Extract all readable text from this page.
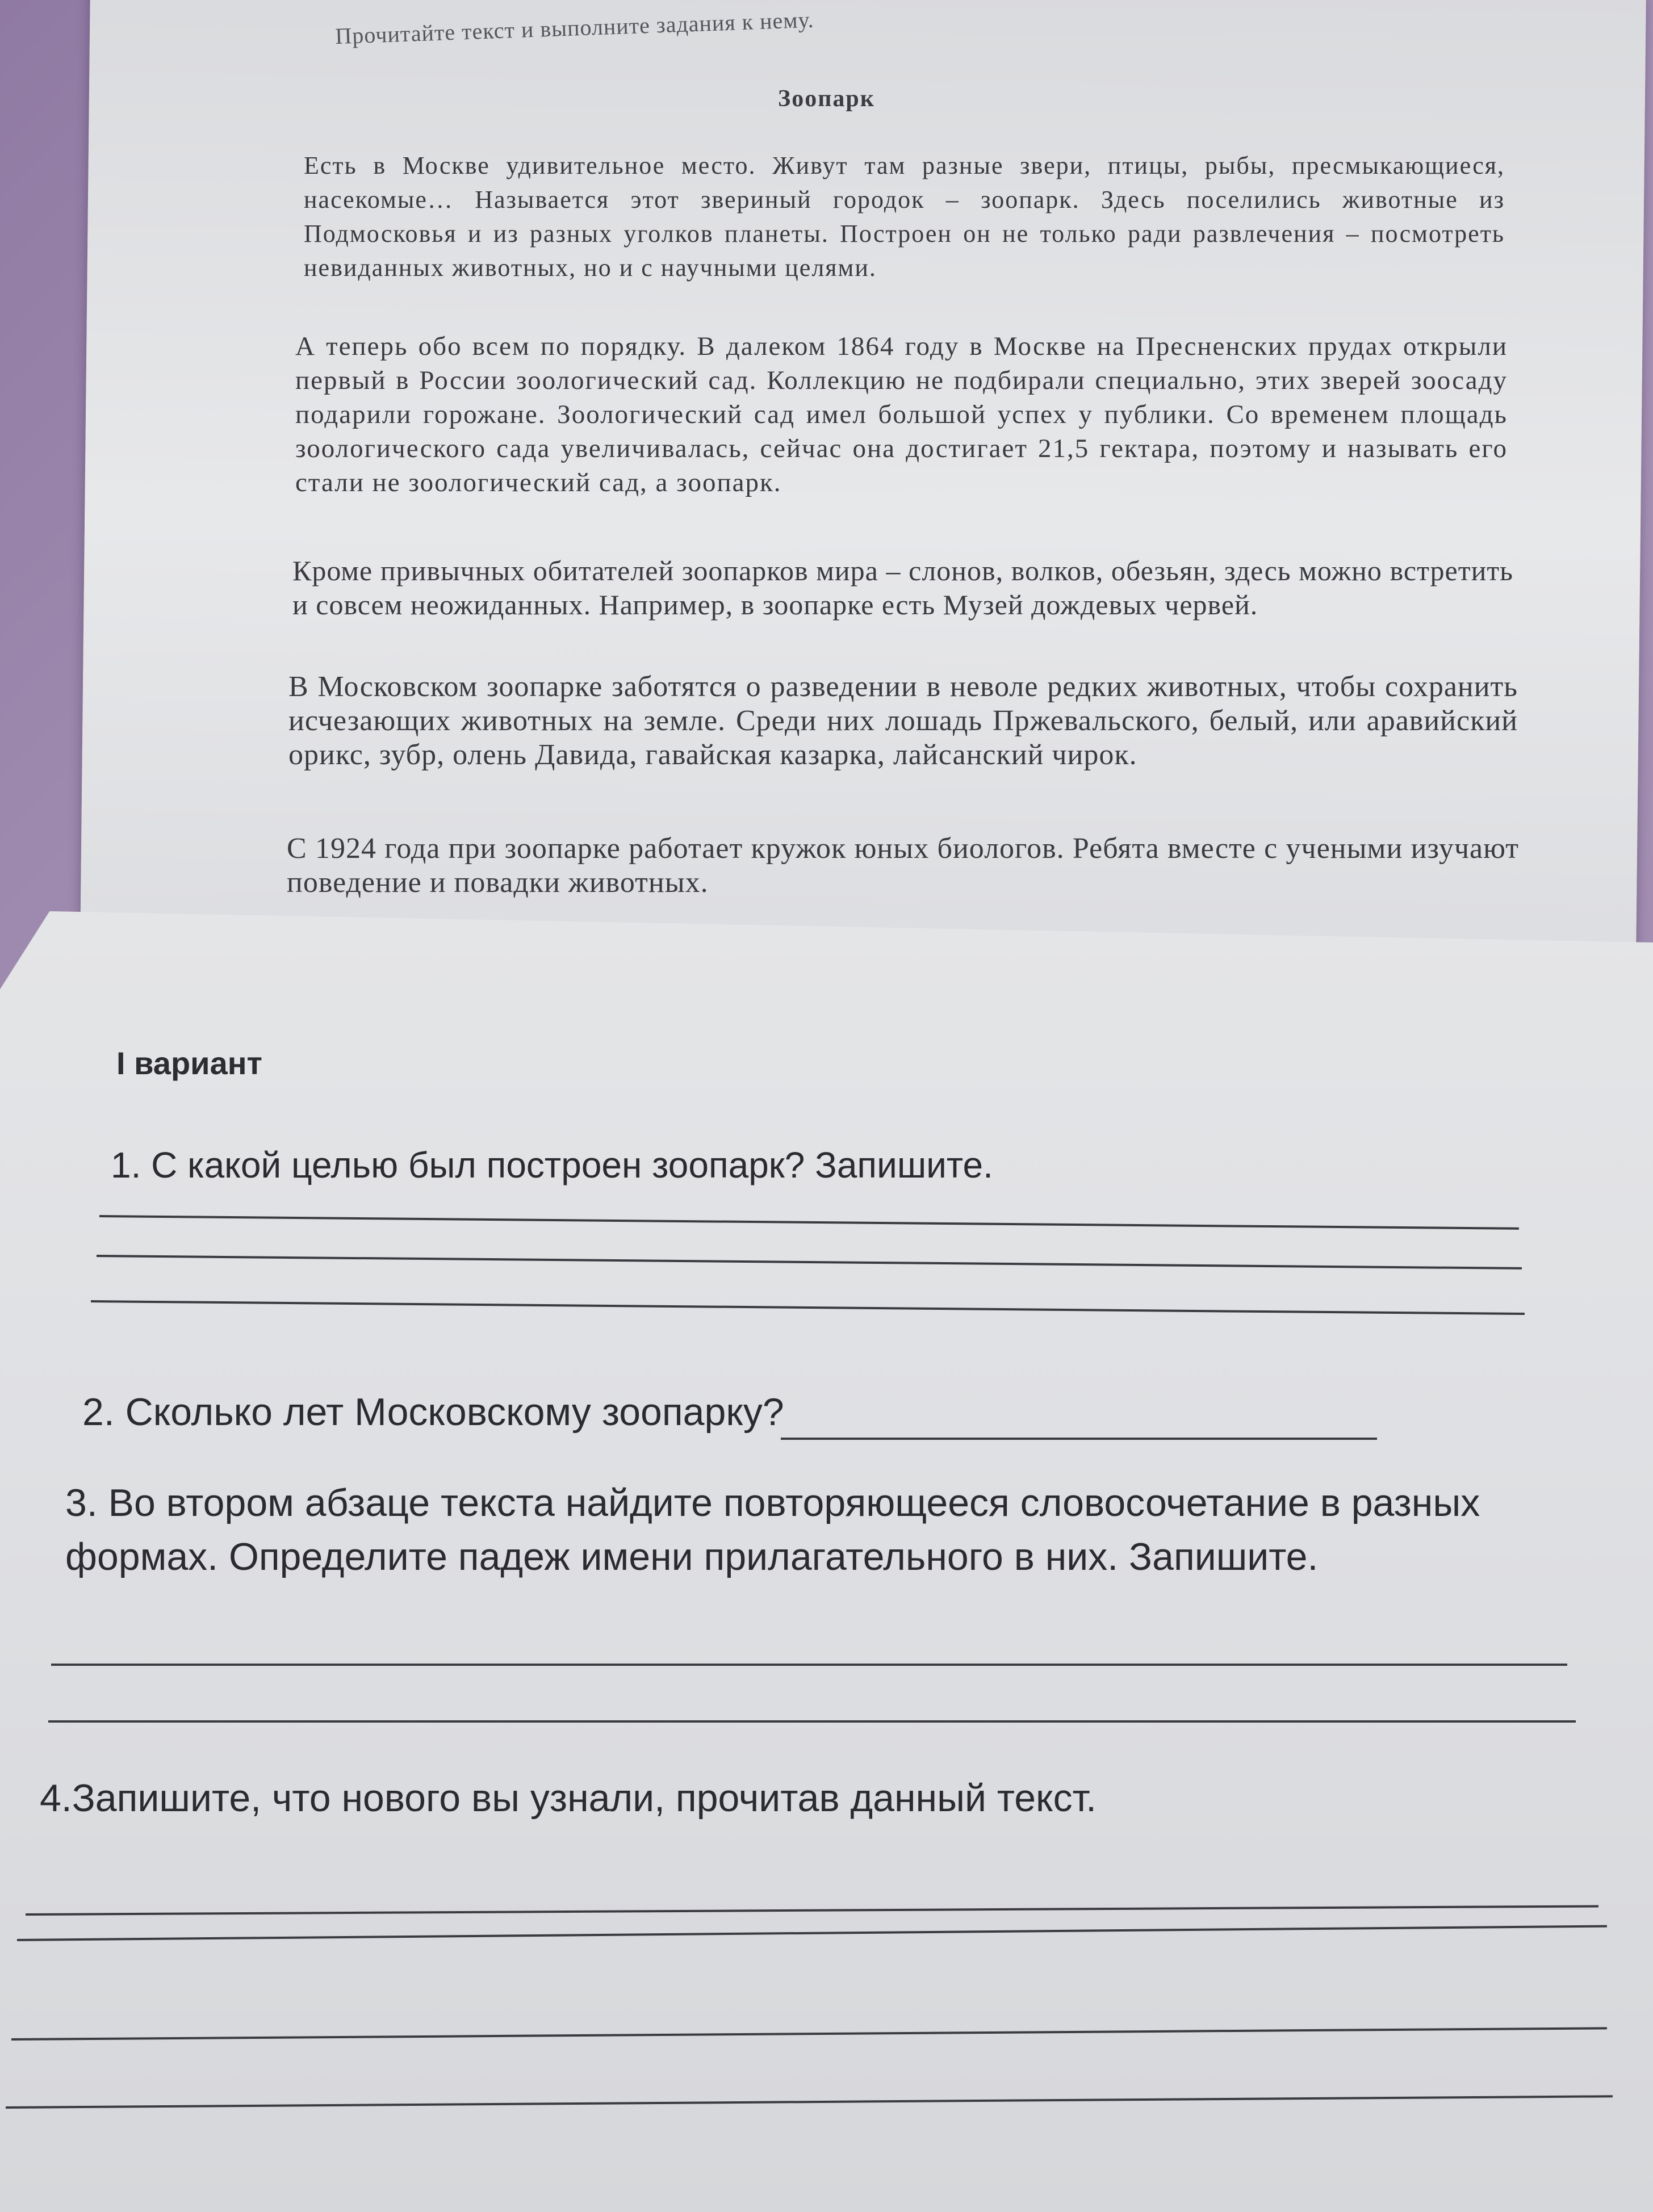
Прочитайте текст и выполните задания к нему.
Зоопарк
Есть в Москве удивительное место. Живут там разные звери, птицы, рыбы, пресмыкающиеся, насекомые… Называется этот звериный городок – зоопарк. Здесь поселились животные из Подмосковья и из разных уголков планеты. Построен он не только ради развлечения – посмотреть невиданных животных, но и с научными целями.
А теперь обо всем по порядку. В далеком 1864 году в Москве на Пресненских прудах открыли первый в России зоологический сад. Коллекцию не подбирали специально, этих зверей зоосаду подарили горожане. Зоологический сад имел большой успех у публики. Со временем площадь зоологического сада увеличивалась, сейчас она достигает 21,5 гектара, поэтому и называть его стали не зоологический сад, а зоопарк.
Кроме привычных обитателей зоопарков мира – слонов, волков, обезьян, здесь можно встретить и совсем неожиданных. Например, в зоопарке есть Музей дождевых червей.
В Московском зоопарке заботятся о разведении в неволе редких животных, чтобы сохранить исчезающих животных на земле. Среди них лошадь Пржевальского, белый, или аравийский орикс, зубр, олень Давида, гавайская казарка, лайсанский чирок.
С 1924 года при зоопарке работает кружок юных биологов. Ребята вместе с учеными изучают поведение и повадки животных.
I вариант
1. С какой целью был построен зоопарк? Запишите.
2. Сколько лет Московскому зоопарку?
3. Во втором абзаце текста найдите повторяющееся словосочетание в разных формах. Определите падеж имени прилагательного в них. Запишите.
4.Запишите, что нового вы узнали, прочитав данный текст.
